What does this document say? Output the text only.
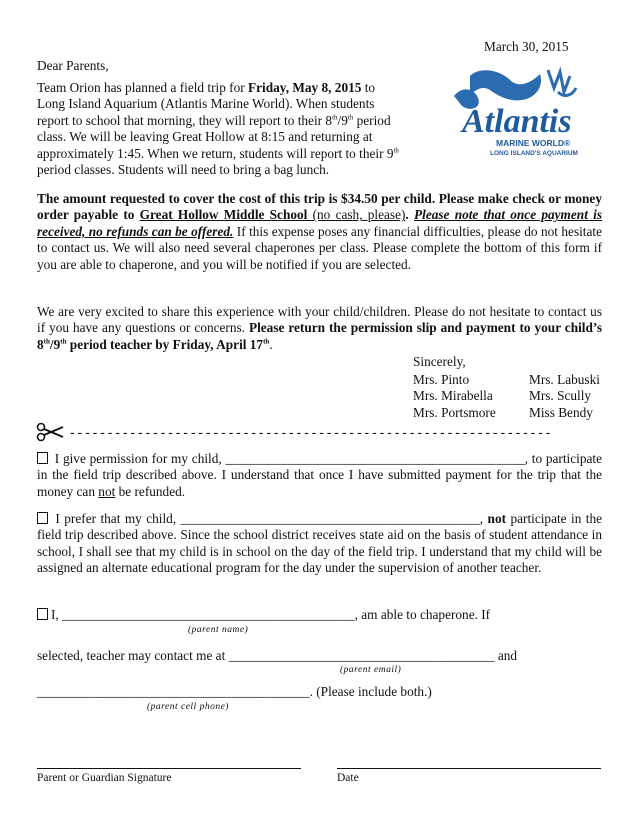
March 30, 2015
Dear Parents,
Team Orion has planned a field trip for Friday, May 8, 2015 to
Long Island Aquarium (Atlantis Marine World). When students
report to school that morning, they will report to their 8th/9th period
class. We will be leaving Great Hollow at 8:15 and returning at
approximately 1:45. When we return, students will report to their 9th
period classes. Students will need to bring a bag lunch.
Atlantis
MARINE WORLD®
LONG ISLAND'S AQUARIUM
The amount requested to cover the cost of this trip is $34.50 per child. Please make check or money order payable to Great Hollow Middle School (no cash, please). Please note that once payment is received, no refunds can be offered. If this expense poses any financial difficulties, please do not hesitate to contact us. We will also need several chaperones per class. Please complete the bottom of this form if you are able to chaperone, and you will be notified if you are selected.
We are very excited to share this experience with your child/children. Please do not hesitate to contact us if you have any questions or concerns. Please return the permission slip and payment to your child’s 8th/9th period teacher by Friday, April 17th.
Sincerely,
Mrs. Pinto	Mrs. Labuski
Mrs. Mirabella	Mrs. Scully
Mrs. Portsmore	Miss Bendy
- - - - - - - - - - - - - - - - - - - - - - - - - - - - - - - - - - - - - - - - - - - - - - - - - - - - - - - - - - - - - - - -
I give permission for my child, _____________________________________________, to participate in the field trip described above. I understand that once I have submitted payment for the trip that the money can not be refunded.
I prefer that my child, _____________________________________________, not participate in the field trip described above. Since the school district receives state aid on the basis of student attendance in school, I shall see that my child is in school on the day of the field trip. I understand that my child will be assigned an alternate educational program for the day under the supervision of another teacher.
I, ____________________________________________, am able to chaperone. If
(parent name)
selected, teacher may contact me at ________________________________________ and
(parent email)
_________________________________________. (Please include both.)
(parent cell phone)
Parent or Guardian Signature	Date
